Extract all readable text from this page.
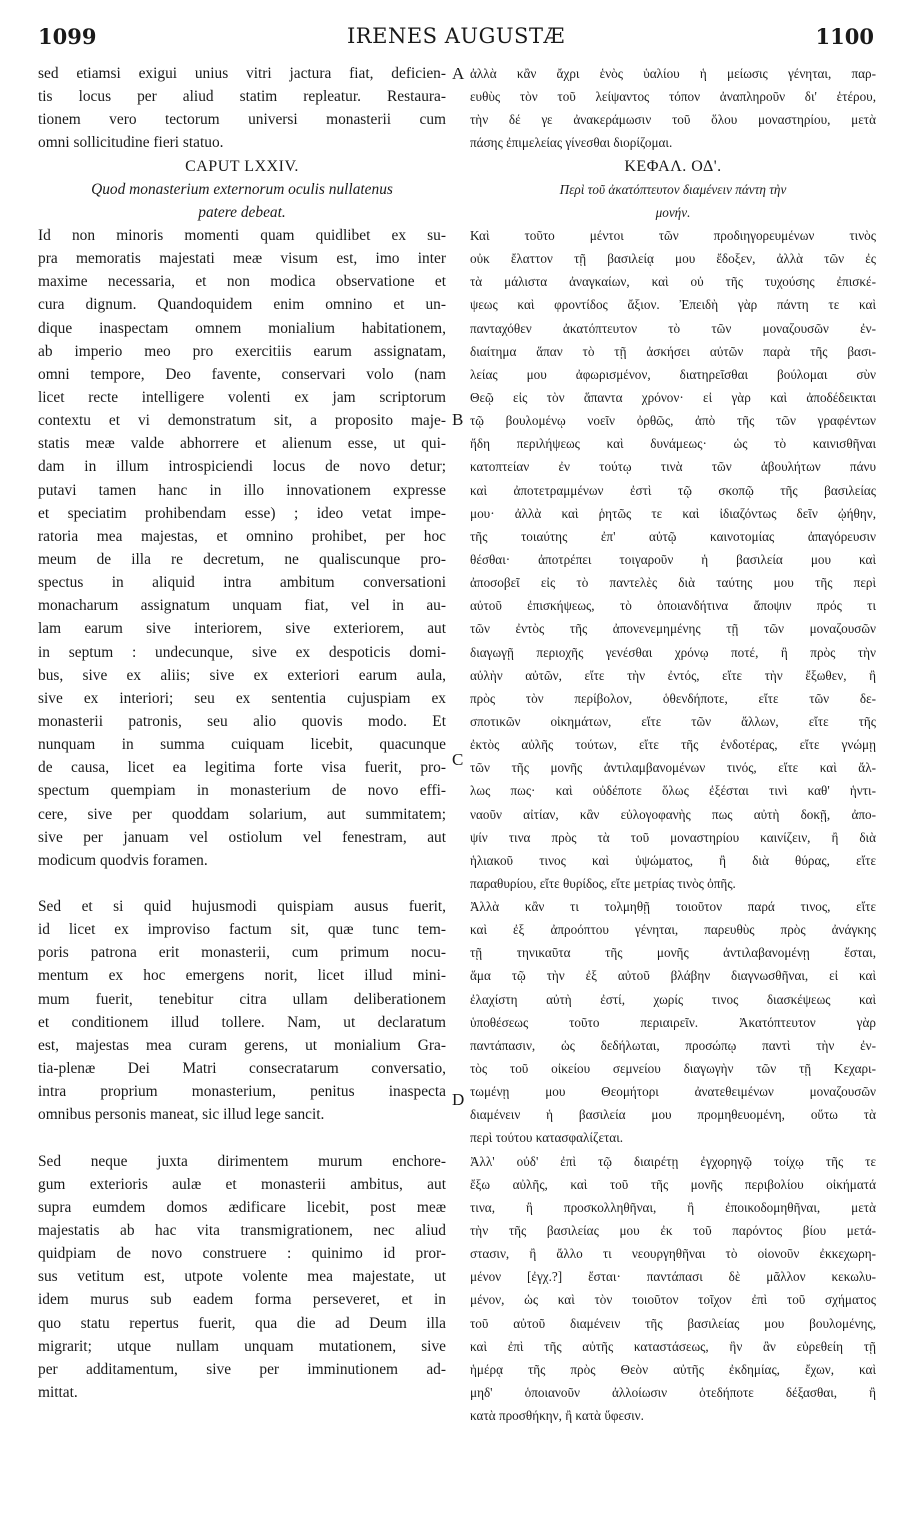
1099	IRENES AUGUSTÆ	1100
sed etiamsi exigui unius vitri jactura fiat, deficien-
tis locus per aliud statim repleatur. Restaura-
tionem vero tectorum universi monasterii cum
omni sollicitudine fieri statuo.
CAPUT LXXIV.
Quod monasterium externorum oculis nullatenus
patere debeat.
Id non minoris momenti quam quidlibet ex su-
pra memoratis majestati meæ visum est, imo inter
maxime necessaria, et non modica observatione et
cura dignum. Quandoquidem enim omnino et un-
dique inaspectam omnem monialium habitationem,
ab imperio meo pro exercitiis earum assignatam,
omni tempore, Deo favente, conservari volo (nam
licet recte intelligere volenti ex jam scriptorum
contextu et vi demonstratum sit, a proposito maje-
statis meæ valde abhorrere et alienum esse, ut qui-
dam in illum introspiciendi locus de novo detur;
putavi tamen hanc in illo innovationem expresse
et speciatim prohibendam esse) ; ideo vetat impe-
ratoria mea majestas, et omnino prohibet, per hoc
meum de illa re decretum, ne qualiscunque pro-
spectus in aliquid intra ambitum conversationi
monacharum assignatum unquam fiat, vel in au-
lam earum sive interiorem, sive exteriorem, aut
in septum : undecunque, sive ex despoticis domi-
bus, sive ex aliis; sive ex exteriori earum aula,
sive ex interiori; seu ex sententia cujuspiam ex
monasterii patronis, seu alio quovis modo. Et
nunquam in summa cuiquam licebit, quacunque
de causa, licet ea legitima forte visa fuerit, pro-
spectum quempiam in monasterium de novo effi-
cere, sive per quoddam solarium, aut summitatem;
sive per januam vel ostiolum vel fenestram, aut
modicum quodvis foramen.
Sed et si quid hujusmodi quispiam ausus fuerit,
id licet ex improviso factum sit, quæ tunc tem-
poris patrona erit monasterii, cum primum nocu-
mentum ex hoc emergens norit, licet illud mini-
mum fuerit, tenebitur citra ullam deliberationem
et conditionem illud tollere. Nam, ut declaratum
est, majestas mea curam gerens, ut monialium Gra-
tia-plenæ Dei Matri consecratarum conversatio,
intra proprium monasterium, penitus inaspecta
omnibus personis maneat, sic illud lege sancit.
Sed neque juxta dirimentem murum enchore-
gum exterioris aulæ et monasterii ambitus, aut
supra eumdem domos ædificare licebit, post meæ
majestatis ab hac vita transmigrationem, nec aliud
quidpiam de novo construere : quinimo id pror-
sus vetitum est, utpote volente mea majestate, ut
idem murus sub eadem forma perseveret, et in
quo statu repertus fuerit, qua die ad Deum illa
migrarit; utque nullam unquam mutationem, sive
per additamentum, sive per imminutionem ad-
mittat.
ἀλλὰ κἂν ἄχρι ἑνὸς ὑαλίου ἡ μείωσις γένηται, παρ-
ευθὺς τὸν τοῦ λείψαντος τόπον ἀναπληροῦν δι' ἑτέρου,
τὴν δέ γε ἀνακεράμωσιν τοῦ ὅλου μοναστηρίου, μετὰ
πάσης ἐπιμελείας γίνεσθαι διορίζομαι.
ΚΕΦΑΛ. ΟΔ'.
Περὶ τοῦ ἀκατόπτευτον διαμένειν πάντη τὴν
μονήν.
Καὶ τοῦτο μέντοι τῶν προδιηγορευμένων τινὸς
οὐκ ἔλαττον τῇ βασιλείᾳ μου ἔδοξεν, ἀλλὰ τῶν ἐς
τὰ μάλιστα ἀναγκαίων, καὶ οὐ τῆς τυχούσης ἐπισκέ-
ψεως καὶ φροντίδος ἄξιον. Ἐπειδὴ γὰρ πάντη τε καὶ
πανταχόθεν ἀκατόπτευτον τὸ τῶν μοναζουσῶν ἐν-
διαίτημα ἅπαν τὸ τῇ ἀσκήσει αὐτῶν παρὰ τῆς βασι-
λείας μου ἀφωρισμένον, διατηρεῖσθαι βούλομαι σὺν
Θεῷ εἰς τὸν ἅπαντα χρόνον· εἰ γὰρ καὶ ἀποδέδεικται
τῷ βουλομένῳ νοεῖν ὀρθῶς, ἀπὸ τῆς τῶν γραφέντων
ἤδη περιλήψεως καὶ δυνάμεως· ὡς τὸ καινισθῆναι
κατοπτείαν ἐν τούτῳ τινὰ τῶν ἀβουλήτων πάνυ
καὶ ἀποτετραμμένων ἐστὶ τῷ σκοπῷ τῆς βασιλείας
μου· ἀλλὰ καὶ ῥητῶς τε καὶ ἰδιαζόντως δεῖν ᾠήθην,
τῆς τοιαύτης ἐπ' αὐτῷ καινοτομίας ἀπαγόρευσιν
θέσθαι· ἀποτρέπει τοιγαροῦν ἡ βασιλεία μου καὶ
ἀποσοβεῖ εἰς τὸ παντελὲς διὰ ταύτης μου τῆς περὶ
αὐτοῦ ἐπισκήψεως, τὸ ὁποιανδήτινα ἄποψιν πρός τι
τῶν ἐντὸς τῆς ἀπονενεμημένης τῇ τῶν μοναζουσῶν
διαγωγῇ περιοχῆς γενέσθαι χρόνῳ ποτέ, ἢ πρὸς τὴν
αὐλὴν αὐτῶν, εἴτε τὴν ἐντός, εἴτε τὴν ἔξωθεν, ἢ
πρὸς τὸν περίβολον, ὁθενδήποτε, εἴτε τῶν δε-
σποτικῶν οἰκημάτων, εἴτε τῶν ἄλλων, εἴτε τῆς
ἐκτὸς αὐλῆς τούτων, εἴτε τῆς ἐνδοτέρας, εἴτε γνώμῃ
τῶν τῆς μονῆς ἀντιλαμβανομένων τινός, εἴτε καὶ ἄλ-
λως πως· καὶ οὐδέποτε ὅλως ἐξέσται τινὶ καθ' ἡντι-
ναοῦν αἰτίαν, κἂν εὐλογοφανὴς πως αὐτὴ δοκῇ, ἀπο-
ψίν τινα πρὸς τὰ τοῦ μοναστηρίου καινίζειν, ἢ διὰ
ἡλιακοῦ τινος καὶ ὑψώματος, ἢ διὰ θύρας, εἴτε
παραθυρίου, εἴτε θυρίδος, εἴτε μετρίας τινὸς ὀπῆς.
Ἀλλὰ κἂν τι τολμηθῇ τοιοῦτον παρά τινος, εἴτε
καὶ ἐξ ἀπροόπτου γένηται, παρευθὺς πρὸς ἀνάγκης
τῇ τηνικαῦτα τῆς μονῆς ἀντιλαβανομένῃ ἔσται,
ἅμα τῷ τὴν ἐξ αὐτοῦ βλάβην διαγνωσθῆναι, εἰ καὶ
ἐλαχίστη αὐτὴ ἐστί, χωρίς τινος διασκέψεως καὶ
ὑποθέσεως τοῦτο περιαιρεῖν. Ἀκατόπτευτον γὰρ
παντάπασιν, ὡς δεδήλωται, προσώπῳ παντὶ τὴν ἐν-
τὸς τοῦ οἰκείου σεμνείου διαγωγὴν τῶν τῇ Κεχαρι-
τωμένῃ μου Θεομήτορι ἀνατεθειμένων μοναζουσῶν
διαμένειν ἡ βασιλεία μου προμηθευομένη, οὕτω τὰ
περὶ τούτου κατασφαλίζεται.
Ἀλλ' οὐδ' ἐπὶ τῷ διαιρέτῃ ἐγχορηγῷ τοίχῳ τῆς τε
ἔξω αὐλῆς, καὶ τοῦ τῆς μονῆς περιβολίου οἰκήματά
τινα, ἢ προσκολληθῆναι, ἢ ἐποικοδομηθῆναι, μετὰ
τὴν τῆς βασιλείας μου ἐκ τοῦ παρόντος βίου μετά-
στασιν, ἢ ἄλλο τι νεουργηθῆναι τὸ οἱονοῦν ἐκκεχωρη-
μένον [ἐγχ.?] ἔσται· παντάπασι δὲ μᾶλλον κεκωλυ-
μένον, ὡς καὶ τὸν τοιοῦτον τοῖχον ἐπὶ τοῦ σχήματος
τοῦ αὐτοῦ διαμένειν τῆς βασιλείας μου βουλομένης,
καὶ ἐπὶ τῆς αὐτῆς καταστάσεως, ἣν ἂν εὑρεθείη τῇ
ἡμέρᾳ τῆς πρὸς Θεὸν αὐτῆς ἐκδημίας, ἔχων, καὶ
μηδ' ὁποιανοῦν ἀλλοίωσιν ὁτεδήποτε δέξασθαι, ἢ
κατὰ προσθήκην, ἢ κατὰ ὕφεσιν.
A
B
C
D
